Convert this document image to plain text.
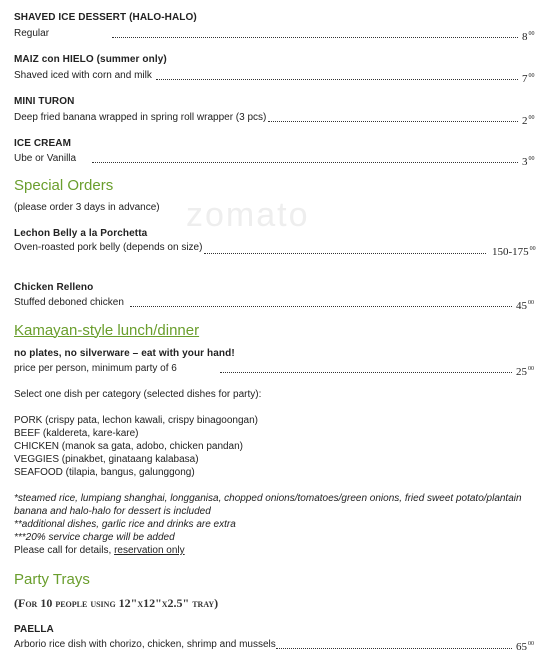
zomato
SHAVED ICE DESSERT (HALO-HALO)
Regular	$8^{00}$
MAIZ con HIELO (summer only)
Shaved iced with corn and milk	$7^{00}$
MINI TURON
Deep fried banana wrapped in spring roll wrapper (3 pcs)	$2^{00}$
ICE CREAM
Ube or Vanilla	$3^{00}$
Special Orders
(please order 3 days in advance)
Lechon Belly a la Porchetta
Oven-roasted pork belly (depends on size)	$150-175^{00}$
Chicken Relleno
Stuffed deboned chicken	$45^{00}$
Kamayan-style lunch/dinner
no plates, no silverware – eat with your hand!
price per person, minimum party of 6	$25^{00}$
Select one dish per category (selected dishes for party):
PORK (crispy pata, lechon kawali, crispy binagoongan)
BEEF (kaldereta, kare-kare)
CHICKEN (manok sa gata, adobo, chicken pandan)
VEGGIES (pinakbet, ginataang kalabasa)
SEAFOOD (tilapia, bangus, galunggong)
*steamed rice, lumpiang shanghai, longganisa, chopped onions/tomatoes/green onions, fried sweet potato/plantain
banana and halo-halo for dessert is included
**additional dishes, garlic rice and drinks are extra
***20% service charge will be added
Please call for details, reservation only
Party Trays
(For 10 people using 12"x12"x2.5" tray)
PAELLA
Arborio rice dish with chorizo, chicken, shrimp and mussels	$65^{00}$
